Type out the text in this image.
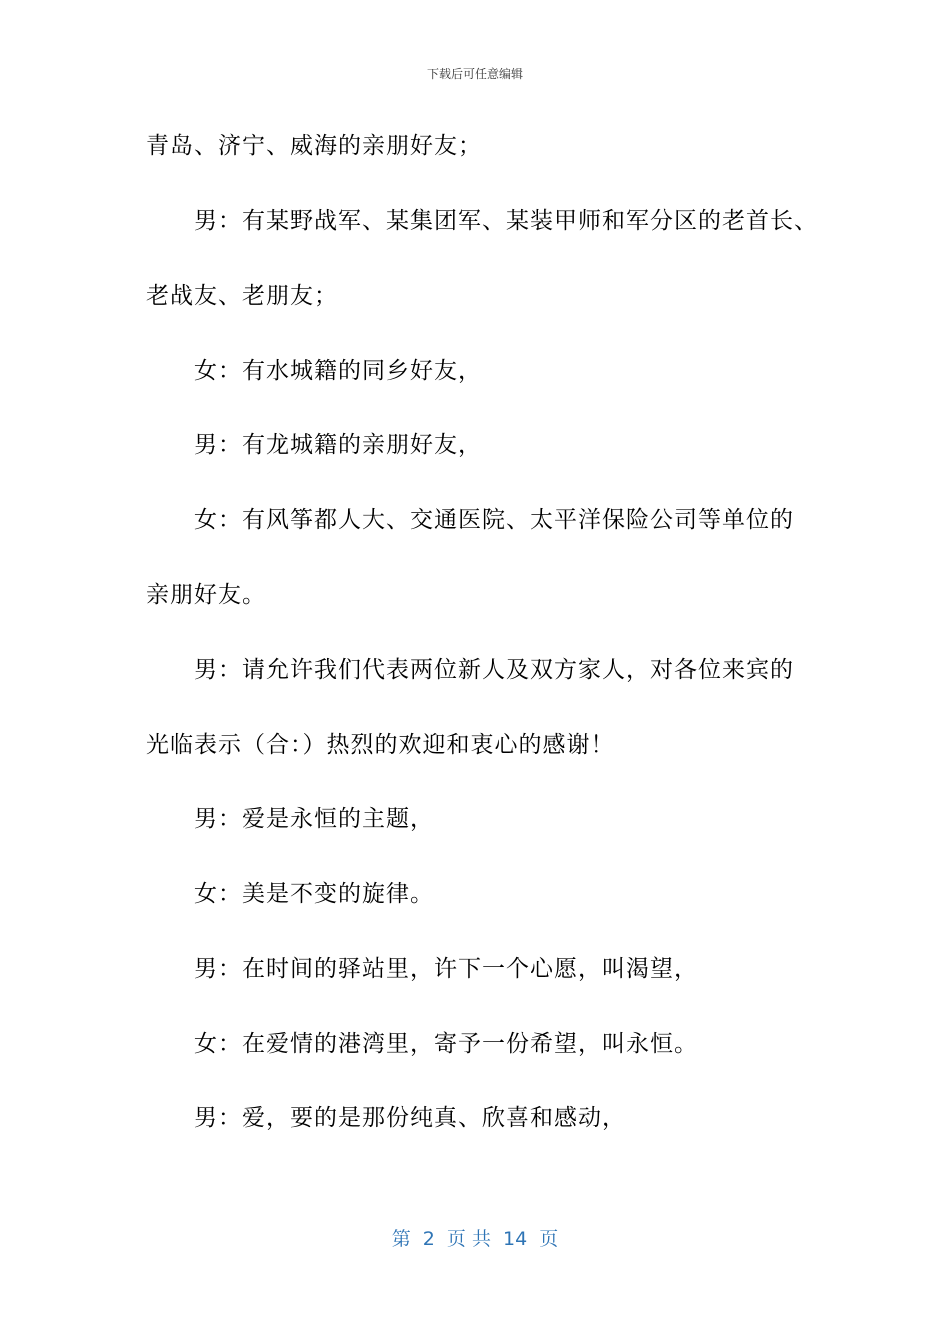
下载后可任意编辑
青岛、济宁、威海的亲朋好友；
男：有某野战军、某集团军、某装甲师和军分区的老首长、
老战友、老朋友；
女：有水城籍的同乡好友，
男：有龙城籍的亲朋好友，
女：有风筝都人大、交通医院、太平洋保险公司等单位的
亲朋好友。
男：请允许我们代表两位新人及双方家人，对各位来宾的
光临表示（合：）热烈的欢迎和衷心的感谢！
男：爱是永恒的主题，
女：美是不变的旋律。
男：在时间的驿站里，许下一个心愿，叫渴望，
女：在爱情的港湾里，寄予一份希望，叫永恒。
男：爱，要的是那份纯真、欣喜和感动，
第  2  页 共  14  页
